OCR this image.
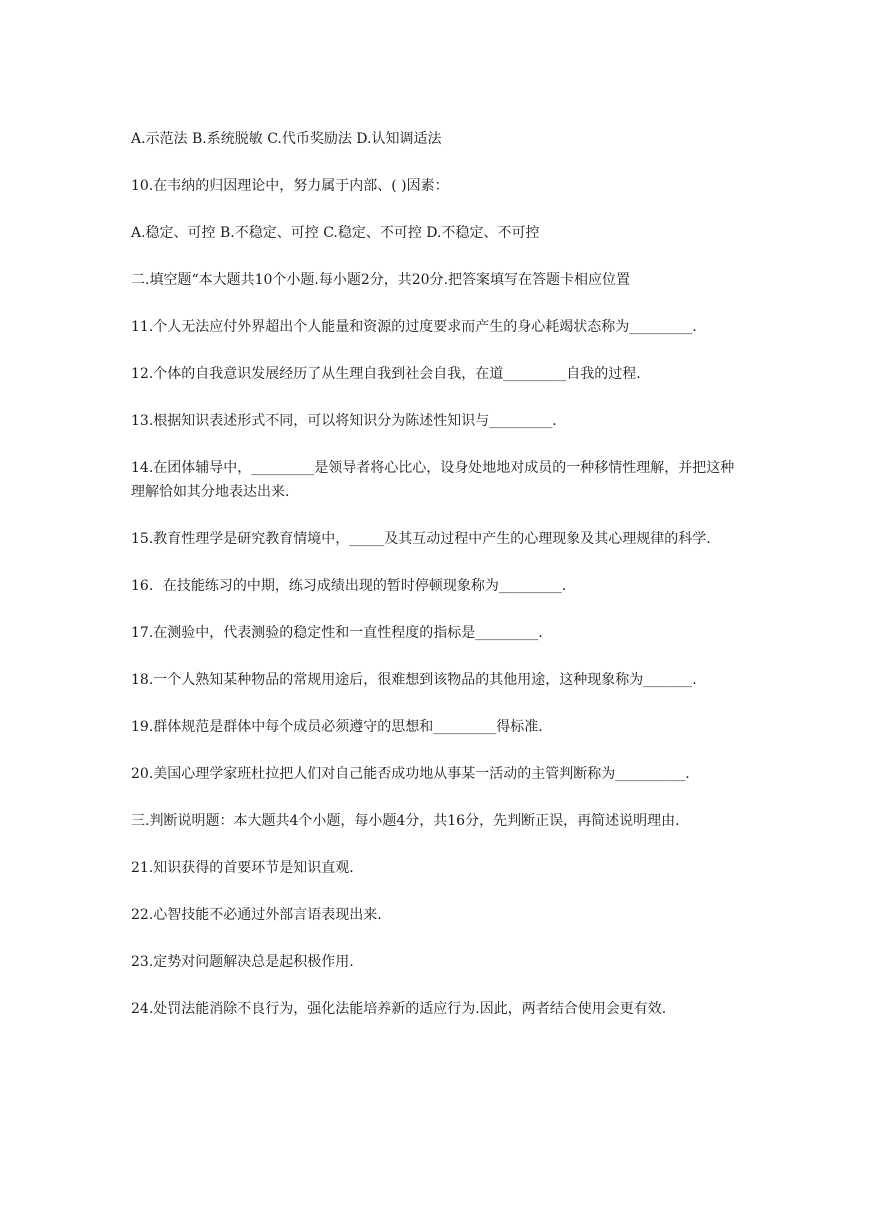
A.示范法 B.系统脱敏 C.代币奖励法 D.认知调适法

10.在韦纳的归因理论中，努力属于内部、( )因素：

A.稳定、可控 B.不稳定、可控 C.稳定、不可控 D.不稳定、不可控

二.填空题“本大题共10个小题.每小题2分，共20分.把答案填写在答题卡相应位置

11.个人无法应付外界超出个人能量和资源的过度要求而产生的身心耗竭状态称为_________.

12.个体的自我意识发展经历了从生理自我到社会自我，在道_________自我的过程.

13.根据知识表述形式不同，可以将知识分为陈述性知识与_________.

14.在团体辅导中，_________是领导者将心比心，设身处地地对成员的一种移情性理解，并把这种理解恰如其分地表达出来.

15.教育性理学是研究教育情境中，_____及其互动过程中产生的心理现象及其心理规律的科学.

16．在技能练习的中期，练习成绩出现的暂时停顿现象称为_________.

17.在测验中，代表测验的稳定性和一直性程度的指标是_________.

18.一个人熟知某种物品的常规用途后，很难想到该物品的其他用途，这种现象称为_______.

19.群体规范是群体中每个成员必须遵守的思想和_________得标准.

20.美国心理学家班杜拉把人们对自己能否成功地从事某一活动的主管判断称为__________.

三.判断说明题：本大题共4个小题，每小题4分，共16分，先判断正误，再简述说明理由.

21.知识获得的首要环节是知识直观.

22.心智技能不必通过外部言语表现出来.

23.定势对问题解决总是起积极作用.

24.处罚法能消除不良行为，强化法能培养新的适应行为.因此，两者结合使用会更有效.
